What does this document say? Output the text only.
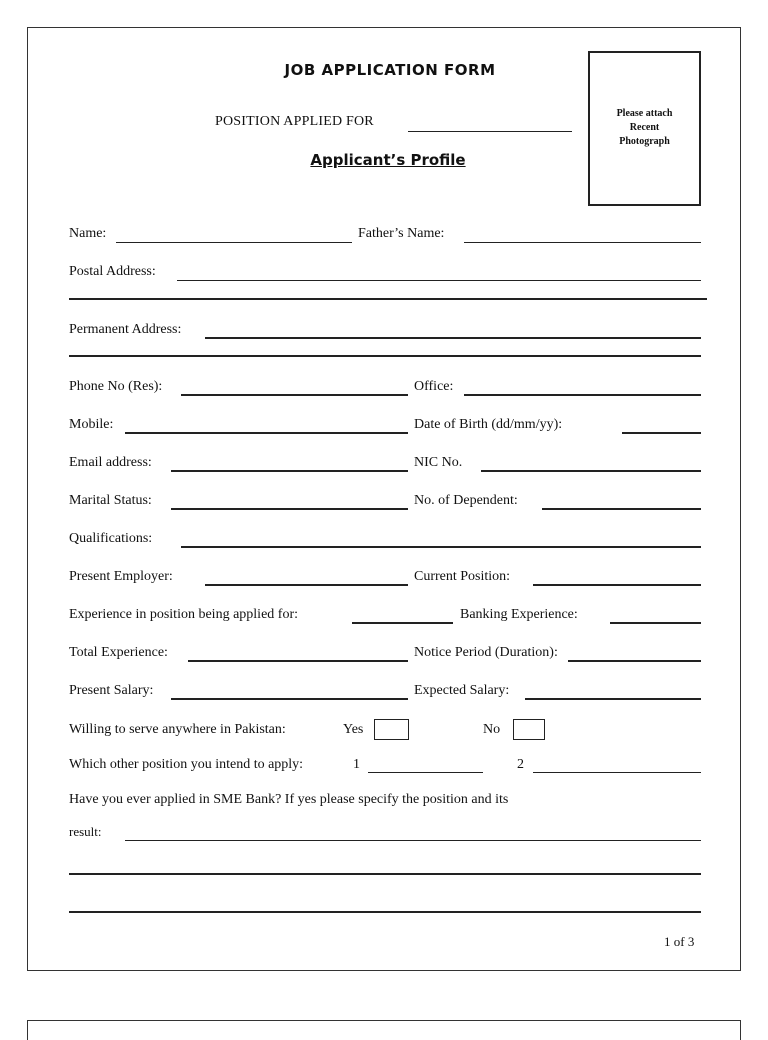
JOB APPLICATION FORM
POSITION APPLIED FOR
Applicant’s Profile
Please attach
Recent
Photograph
Name:	Father’s Name:
Postal Address:
Permanent Address:
Phone No (Res):	Office:
Mobile:	Date of Birth (dd/mm/yy):
Email address:	NIC No.
Marital Status:	No. of Dependent:
Qualifications:
Present Employer:	Current Position:
Experience in position being applied for:	Banking Experience:
Total Experience:	Notice Period (Duration):
Present Salary:	Expected Salary:
Willing to serve anywhere in Pakistan:	Yes	No
Which other position you intend to apply:	1	2
Have you ever applied in SME Bank? If yes please specify the position and its
result:
1 of 3
